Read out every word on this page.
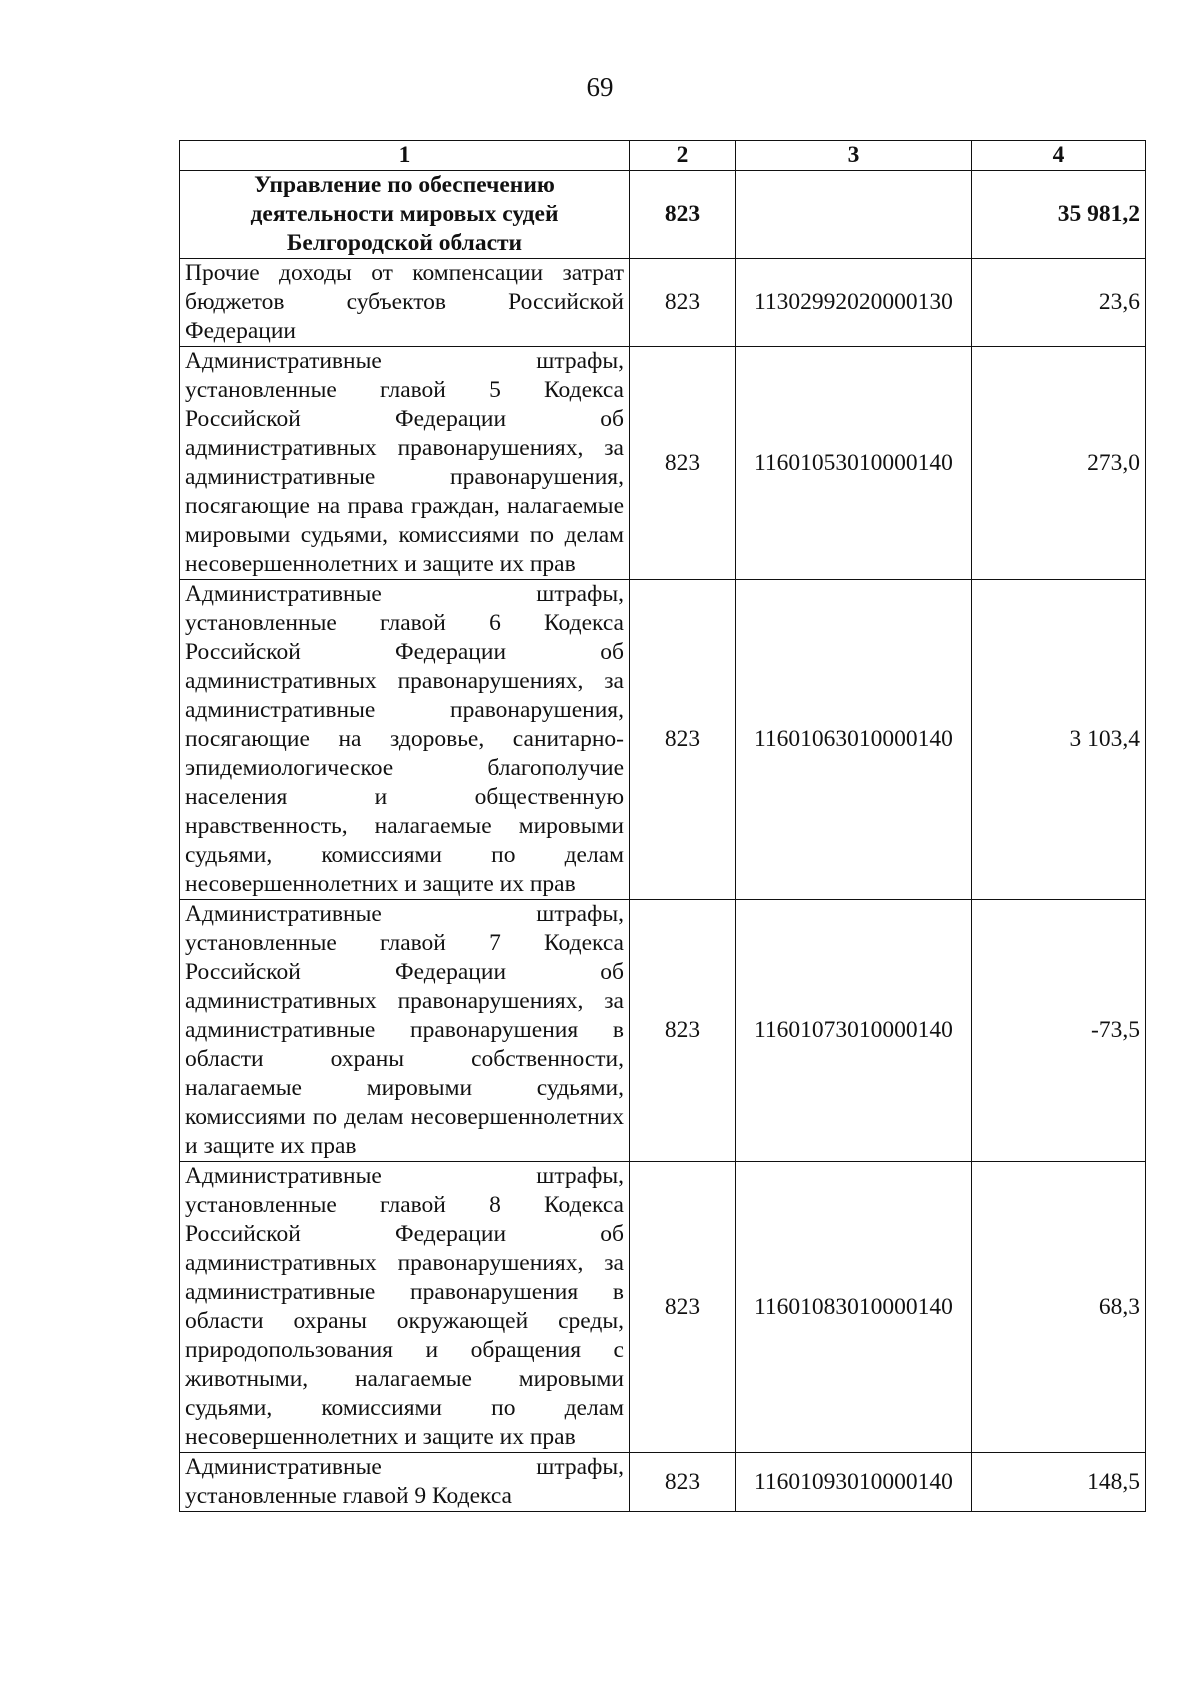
69
1	2	3	4
Управление по обеспечению деятельности мировых судей Белгородской области	823		35 981,2
Прочие доходы от компенсации затрат бюджетов субъектов Российской Федерации	823	11302992020000130	23,6
Административные штрафы, установленные главой 5 Кодекса Российской Федерации об административных правонарушениях, за административные правонарушения, посягающие на права граждан, налагаемые мировыми судьями, комиссиями по делам несовершеннолетних и защите их прав	823	11601053010000140	273,0
Административные штрафы, установленные главой 6 Кодекса Российской Федерации об административных правонарушениях, за административные правонарушения, посягающие на здоровье, санитарно-эпидемиологическое благополучие населения и общественную нравственность, налагаемые мировыми судьями, комиссиями по делам несовершеннолетних и защите их прав	823	11601063010000140	3 103,4
Административные штрафы, установленные главой 7 Кодекса Российской Федерации об административных правонарушениях, за административные правонарушения в области охраны собственности, налагаемые мировыми судьями, комиссиями по делам несовершеннолетних и защите их прав	823	11601073010000140	-73,5
Административные штрафы, установленные главой 8 Кодекса Российской Федерации об административных правонарушениях, за административные правонарушения в области охраны окружающей среды, природопользования и обращения с животными, налагаемые мировыми судьями, комиссиями по делам несовершеннолетних и защите их прав	823	11601083010000140	68,3
Административные штрафы, установленные главой 9 Кодекса	823	11601093010000140	148,5
